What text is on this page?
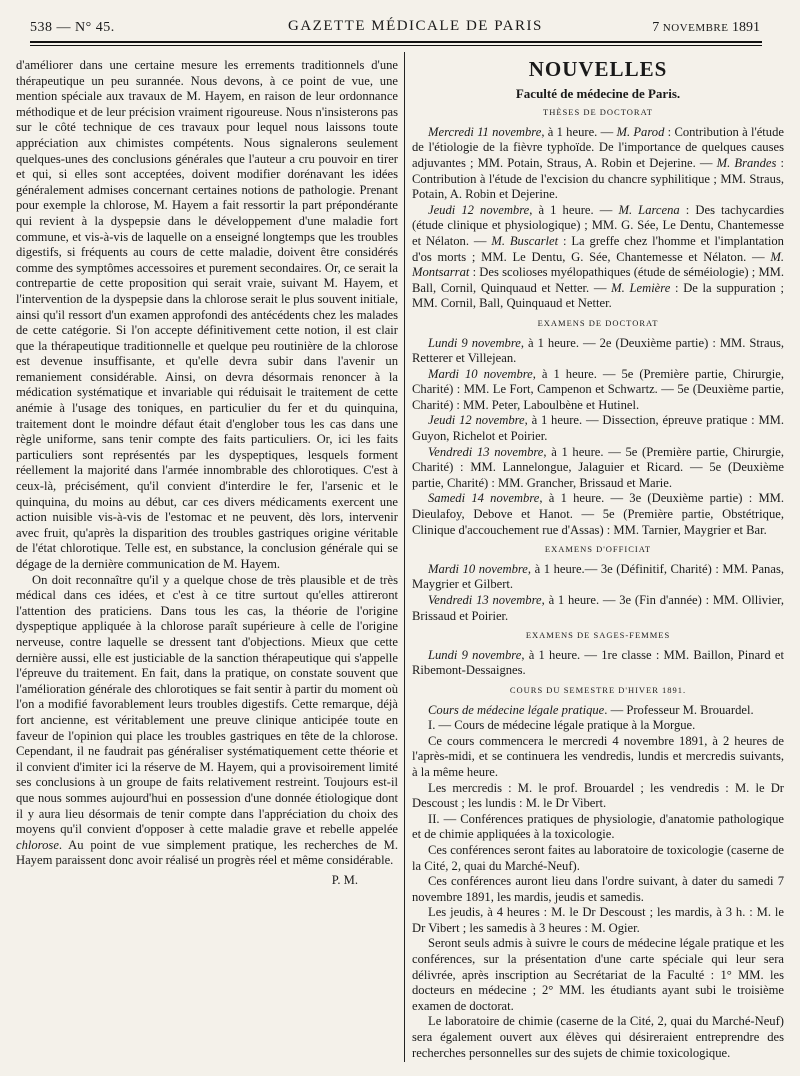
538 — N° 45.	GAZETTE MÉDICALE DE PARIS	7 NOVEMBRE 1891

d'améliorer dans une certaine mesure les errements traditionnels d'une thérapeutique un peu surannée. Nous devons, à ce point de vue, une mention spéciale aux travaux de M. Hayem, en raison de leur ordonnance méthodique et de leur précision vraiment rigoureuse. Nous n'insisterons pas sur le côté technique de ces travaux pour lequel nous laissons toute appréciation aux chimistes compétents. Nous signalerons seulement quelques-unes des conclusions générales que l'auteur a cru pouvoir en tirer et qui, si elles sont acceptées, doivent modifier dorénavant les idées généralement admises concernant certaines notions de pathologie. Prenant pour exemple la chlorose, M. Hayem a fait ressortir la part prépondérante qui revient à la dyspepsie dans le développement d'une maladie fort commune, et vis-à-vis de laquelle on a enseigné longtemps que les troubles digestifs, si fréquents au cours de cette maladie, doivent être considérés comme des symptômes accessoires et purement secondaires. Or, ce serait la contrepartie de cette proposition qui serait vraie, suivant M. Hayem, et l'intervention de la dyspepsie dans la chlorose serait le plus souvent initiale, ainsi qu'il ressort d'un examen approfondi des antécédents chez les malades de cette catégorie. Si l'on accepte définitivement cette notion, il est clair que la thérapeutique traditionnelle et quelque peu routinière de la chlorose est devenue insuffisante, et qu'elle devra subir dans l'avenir un remaniement considérable. Ainsi, on devra désormais renoncer à la médication systématique et invariable qui réduisait le traitement de cette anémie à l'usage des toniques, en particulier du fer et du quinquina, traitement dont le moindre défaut était d'englober tous les cas dans une règle uniforme, sans tenir compte des faits particuliers. Or, ici les faits particuliers sont représentés par les dyspeptiques, lesquels forment réellement la majorité dans l'armée innombrable des chlorotiques. C'est à ceux-là, précisément, qu'il convient d'interdire le fer, l'arsenic et le quinquina, du moins au début, car ces divers médicaments exercent une action nuisible vis-à-vis de l'estomac et ne peuvent, dès lors, intervenir avec fruit, qu'après la disparition des troubles gastriques origine véritable de l'état chlorotique. Telle est, en substance, la conclusion générale qui se dégage de la dernière communication de M. Hayem.

On doit reconnaître qu'il y a quelque chose de très plausible et de très médical dans ces idées, et c'est à ce titre surtout qu'elles attireront l'attention des praticiens. Dans tous les cas, la théorie de l'origine dyspeptique appliquée à la chlorose paraît supérieure à celle de l'origine nerveuse, contre laquelle se dressent tant d'objections. Mieux que cette dernière aussi, elle est justiciable de la sanction thérapeutique qui s'appelle l'épreuve du traitement. En fait, dans la pratique, on constate souvent que l'amélioration générale des chlorotiques se fait sentir à partir du moment où l'on a modifié favorablement leurs troubles digestifs. Cette remarque, déjà fort ancienne, est véritablement une preuve clinique anticipée toute en faveur de l'opinion qui place les troubles gastriques en tête de la chlorose. Cependant, il ne faudrait pas généraliser systématiquement cette théorie et il convient d'imiter ici la réserve de M. Hayem, qui a provisoirement limité ses conclusions à un groupe de faits relativement restreint. Toujours est-il que nous sommes aujourd'hui en possession d'une donnée étiologique dont il y aura lieu désormais de tenir compte dans l'appréciation du choix des moyens qu'il convient d'opposer à cette maladie grave et rebelle appelée chlorose. Au point de vue simplement pratique, les recherches de M. Hayem paraissent donc avoir réalisé un progrès réel et même considérable.

P. M.
NOUVELLES
Faculté de médecine de Paris.
THÈSES DE DOCTORAT

Mercredi 11 novembre, à 1 heure. — M. Parod : Contribution à l'étude de l'étiologie de la fièvre typhoïde. De l'importance de quelques causes adjuvantes ; MM. Potain, Straus, A. Robin et Dejerine. — M. Brandes : Contribution à l'étude de l'excision du chancre syphilitique ; MM. Straus, Potain, A. Robin et Dejerine.

Jeudi 12 novembre, à 1 heure. — M. Larcena : Des tachycardies (étude clinique et physiologique) ; MM. G. Sée, Le Dentu, Chantemesse et Nélaton. — M. Buscarlet : La greffe chez l'homme et l'implantation d'os morts ; MM. Le Dentu, G. Sée, Chantemesse et Nélaton. — M. Montsarrat : Des scolioses myélopathiques (étude de séméiologie) ; MM. Ball, Cornil, Quinquaud et Netter. — M. Lemière : De la suppuration ; MM. Cornil, Ball, Quinquaud et Netter.

EXAMENS DE DOCTORAT

Lundi 9 novembre, à 1 heure. — 2e (Deuxième partie) : MM. Straus, Retterer et Villejean.

Mardi 10 novembre, à 1 heure. — 5e (Première partie, Chirurgie, Charité) : MM. Le Fort, Campenon et Schwartz. — 5e (Deuxième partie, Charité) : MM. Peter, Laboulbène et Hutinel.

Jeudi 12 novembre, à 1 heure. — Dissection, épreuve pratique : MM. Guyon, Richelot et Poirier.

Vendredi 13 novembre, à 1 heure. — 5e (Première partie, Chirurgie, Charité) : MM. Lannelongue, Jalaguier et Ricard. — 5e (Deuxième partie, Charité) : MM. Grancher, Brissaud et Marie.

Samedi 14 novembre, à 1 heure. — 3e (Deuxième partie) : MM. Dieulafoy, Debove et Hanot. — 5e (Première partie, Obstétrique, Clinique d'accouchement rue d'Assas) : MM. Tarnier, Maygrier et Bar.

EXAMENS D'OFFICIAT

Mardi 10 novembre, à 1 heure.— 3e (Définitif, Charité) : MM. Panas, Maygrier et Gilbert.

Vendredi 13 novembre, à 1 heure. — 3e (Fin d'année) : MM. Ollivier, Brissaud et Poirier.

EXAMENS DE SAGES-FEMMES

Lundi 9 novembre, à 1 heure. — 1re classe : MM. Baillon, Pinard et Ribemont-Dessaignes.

COURS DU SEMESTRE D'HIVER 1891.

Cours de médecine légale pratique. — Professeur M. Brouardel.

I. — Cours de médecine légale pratique à la Morgue.

Ce cours commencera le mercredi 4 novembre 1891, à 2 heures de l'après-midi, et se continuera les vendredis, lundis et mercredis suivants, à la même heure.

Les mercredis : M. le prof. Brouardel ; les vendredis : M. le Dr Descoust ; les lundis : M. le Dr Vibert.

II. — Conférences pratiques de physiologie, d'anatomie pathologique et de chimie appliquées à la toxicologie.

Ces conférences seront faites au laboratoire de toxicologie (caserne de la Cité, 2, quai du Marché-Neuf).

Ces conférences auront lieu dans l'ordre suivant, à dater du samedi 7 novembre 1891, les mardis, jeudis et samedis.

Les jeudis, à 4 heures : M. le Dr Descoust ; les mardis, à 3 h. : M. le Dr Vibert ; les samedis à 3 heures : M. Ogier.

Seront seuls admis à suivre le cours de médecine légale pratique et les conférences, sur la présentation d'une carte spéciale qui leur sera délivrée, après inscription au Secrétariat de la Faculté : 1° MM. les docteurs en médecine ; 2° MM. les étudiants ayant subi le troisième examen de doctorat.

Le laboratoire de chimie (caserne de la Cité, 2, quai du Marché-Neuf) sera également ouvert aux élèves qui désireraient entreprendre des recherches personnelles sur des sujets de chimie toxicologique.
